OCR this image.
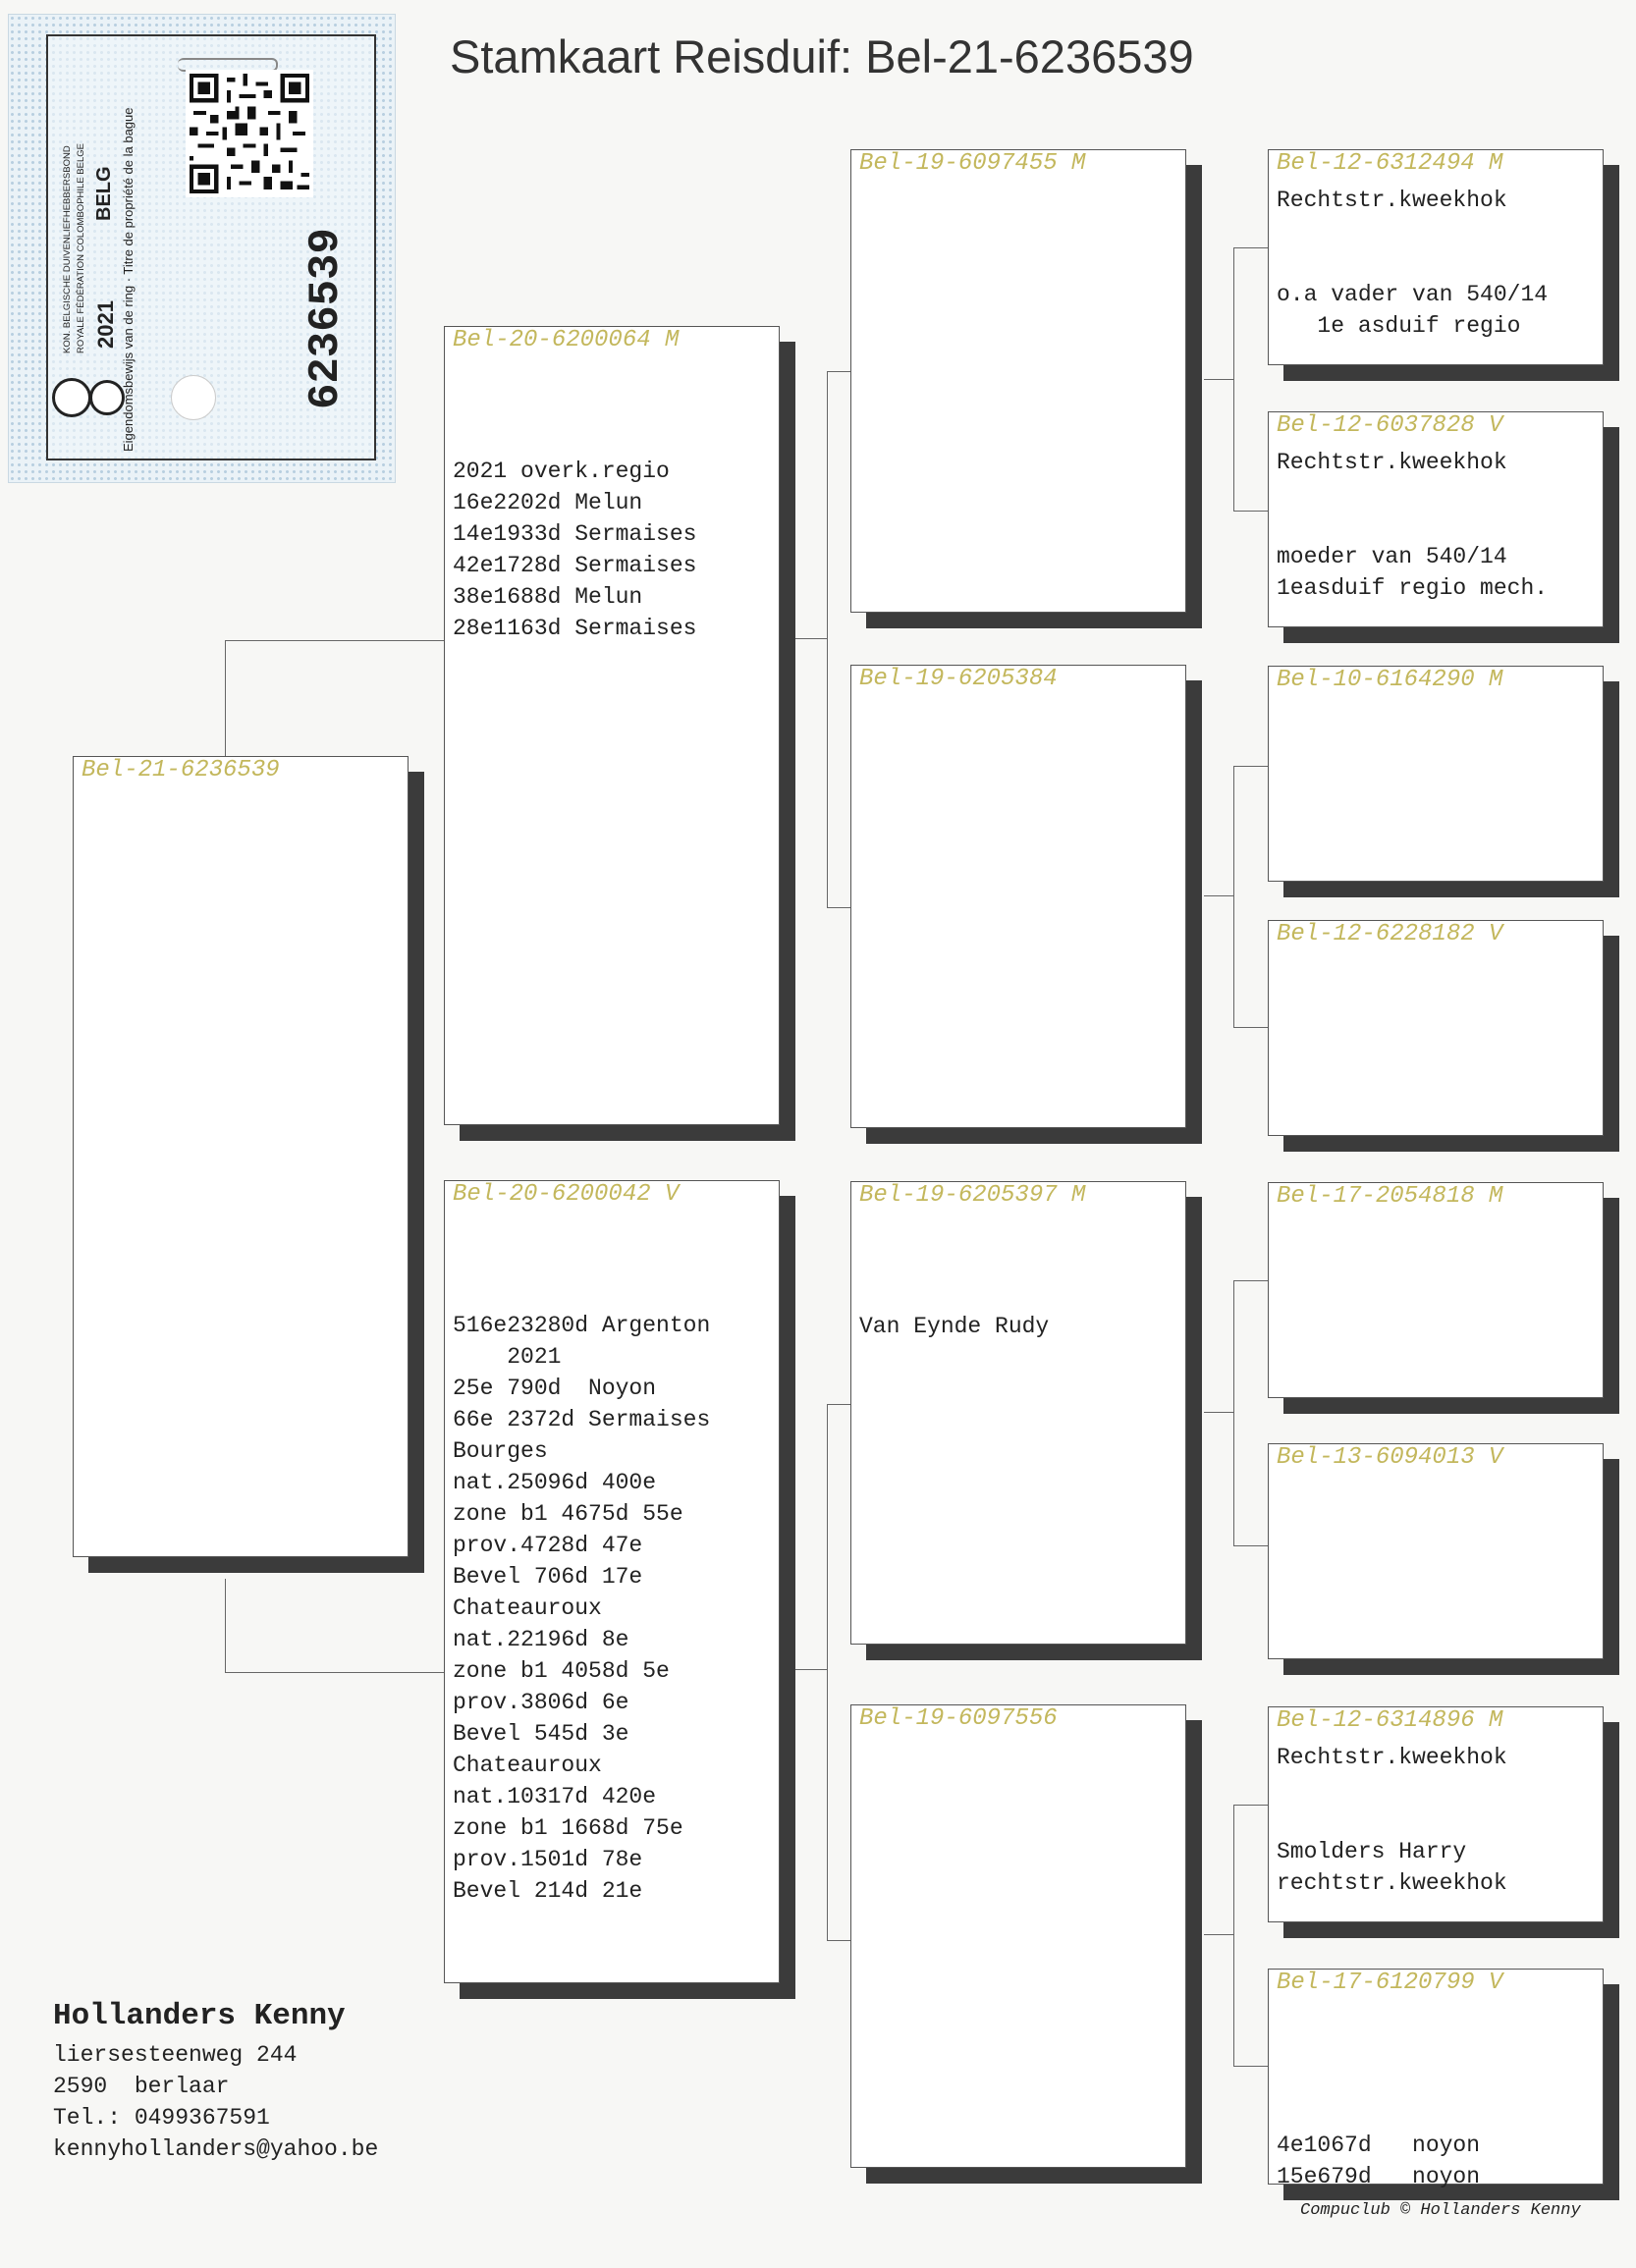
Stamkaart Reisduif: Bel-21-6236539
6236539
KON. BELGISCHE DUIVENLIEFHEBBERSBOND ROYALE FÉDÉRATION COLOMBOPHILE BELGE 2021
BELG Eigendomsbewijs van de ring · Titre de propriété de la bague
Bel-21-6236539
Bel-20-6200064 M
2021 overk.regio
16e2202d Melun
14e1933d Sermaises
42e1728d Sermaises
38e1688d Melun
28e1163d Sermaises
Bel-20-6200042 V
516e23280d Argenton
2021
25e 790d  Noyon
66e 2372d Sermaises
Bourges
nat.25096d 400e
zone b1 4675d 55e
prov.4728d 47e
Bevel 706d 17e
Chateauroux
nat.22196d 8e
zone b1 4058d 5e
prov.3806d 6e
Bevel 545d 3e
Chateauroux
nat.10317d 420e
zone b1 1668d 75e
prov.1501d 78e
Bevel 214d 21e
Bel-19-6097455 M
Bel-19-6205384
Bel-19-6205397 M
Van Eynde Rudy
Bel-19-6097556
Bel-12-6312494 M
Rechtstr.kweekhok
o.a vader van 540/14
1e asduif regio
Bel-12-6037828 V
Rechtstr.kweekhok
moeder van 540/14
1easduif regio mech.
Bel-10-6164290 M
Bel-12-6228182 V
Bel-17-2054818 M
Bel-13-6094013 V
Bel-12-6314896 M
Rechtstr.kweekhok
Smolders Harry
rechtstr.kweekhok
Bel-17-6120799 V
4e1067d   noyon
15e679d   noyon
Hollanders Kenny
liersesteenweg 244
2590  berlaar
Tel.: 0499367591
kennyhollanders@yahoo.be
Compuclub © Hollanders Kenny
